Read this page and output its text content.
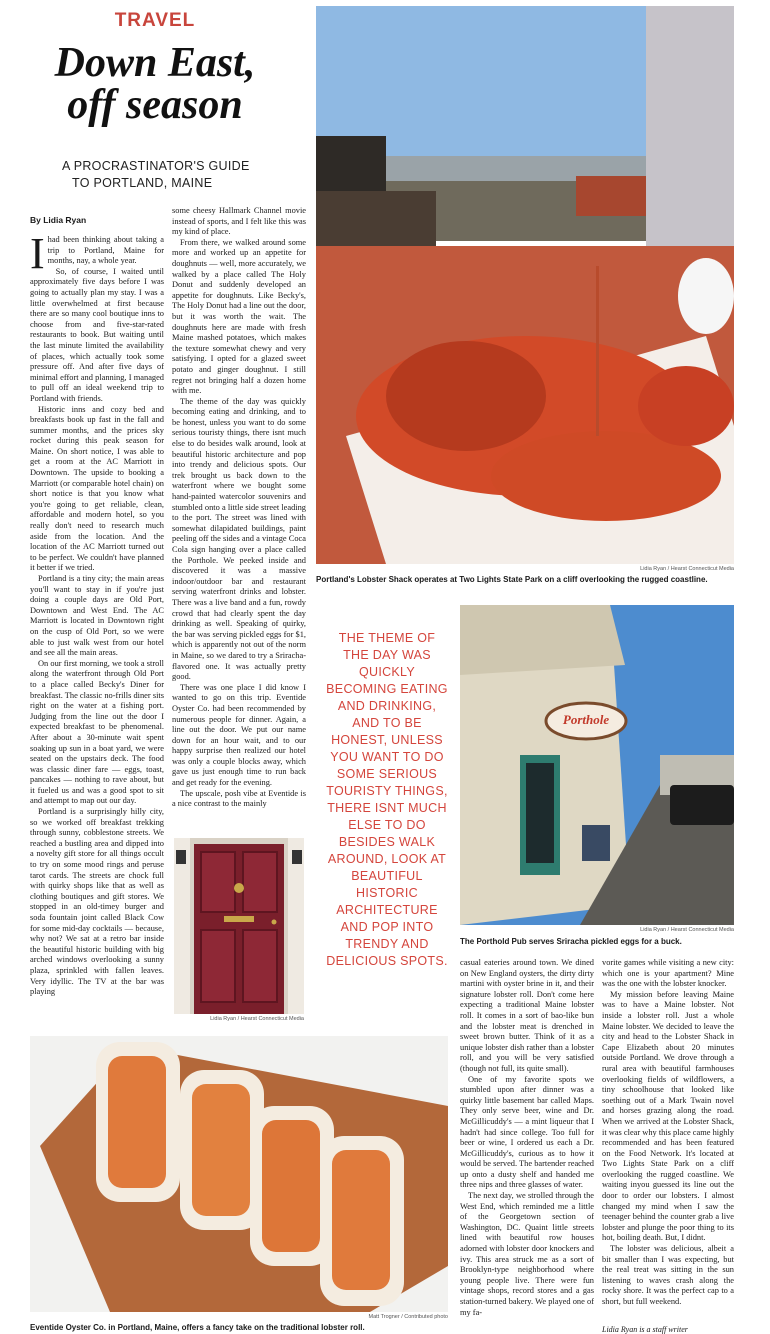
TRAVEL
Down East,
off season
A PROCRASTINATOR'S GUIDE
TO PORTLAND, MAINE
By Lidia Ryan

Ihad been thinking about taking a trip to Portland, Maine for months, nay, a whole year.

So, of course, I waited until approximately five days before I was going to actually plan my stay. I was a little overwhelmed at first because there are so many cool boutique inns to choose from and five-star-rated restaurants to book. But waiting until the last minute limited the availability of places, which actually took some pressure off. And after five days of minimal effort and planning, I managed to pull off an ideal weekend trip to Portland with friends.

Historic inns and cozy bed and breakfasts book up fast in the fall and summer months, and the prices sky rocket during this peak season for Maine. On short notice, I was able to get a room at the AC Marriott in Downtown. The upside to booking a Marriott (or comparable hotel chain) on short notice is that you know what you're going to get reliable, clean, affordable and modern hotel, so you really don't need to research much aside from the location. And the location of the AC Marriott turned out to be perfect. We couldn't have planned it better if we tried.

Portland is a tiny city; the main areas you'll want to stay in if you're just doing a couple days are Old Port, Downtown and West End. The AC Marriott is located in Downtown right on the cusp of Old Port, so we were able to just walk west from our hotel and see all the main areas.

On our first morning, we took a stroll along the waterfront through Old Port to a place called Becky's Diner for breakfast. The classic no-frills diner sits right on the water at a fishing port. Judging from the line out the door I expected breakfast to be phenomenal. After about a 30-minute wait spent soaking up sun in a boat yard, we were seated on the upstairs deck. The food was classic diner fare — eggs, toast, pancakes — nothing to rave about, but it fueled us and was a good spot to sit and attempt to map out our day.

Portland is a surprisingly hilly city, so we worked off breakfast trekking through sunny, cobblestone streets. We reached a bustling area and dipped into a novelty gift store for all things occult to try on some mood rings and peruse tarot cards. The streets are chock full with quirky shops like that as well as clothing boutiques and gift stores. We stopped in an old-timey burger and soda fountain joint called Black Cow for some mid-day cocktails — because, why not? We sat at a retro bar inside the beautiful historic building with big arched windows overlooking a sunny plaza, sprinkled with fallen leaves. Very idyllic. The TV at the bar was playing

some cheesy Hallmark Channel movie instead of sports, and I felt like this was my kind of place.

From there, we walked around some more and worked up an appetite for doughnuts — well, more accurately, we walked by a place called The Holy Donut and suddenly developed an appetite for doughnuts. Like Becky's, The Holy Donut had a line out the door, but it was worth the wait. The doughnuts here are made with fresh Maine mashed potatoes, which makes the texture somewhat chewy and very satisfying. I opted for a glazed sweet potato and ginger doughnut. I still regret not bringing half a dozen home with me.

The theme of the day was quickly becoming eating and drinking, and to be honest, unless you want to do some serious touristy things, there isnt much else to do besides walk around, look at beautiful historic architecture and pop into trendy and delicious spots. Our trek brought us back down to the waterfront where we bought some hand-painted watercolor souvenirs and stumbled onto a little side street leading to the port. The street was lined with somewhat dilapidated buildings, paint peeling off the sides and a vintage Coca Cola sign hanging over a place called the Porthole. We peeked inside and discovered it was a massive indoor/outdoor bar and restaurant serving waterfront drinks and lobster. There was a live band and a fun, rowdy crowd that had clearly spent the day drinking as well. Speaking of quirky, the bar was serving pickled eggs for $1, which is apparently not out of the norm in Maine, so we dared to try a Sriracha-flavored one. It was actually pretty good.

There was one place I did know I wanted to go on this trip. Eventide Oyster Co. had been recommended by numerous people for dinner. Again, a line out the door. We put our name down for an hour wait, and to our happy surprise then realized our hotel was only a couple blocks away, which gave us just enough time to run back and get ready for the evening.

The upscale, posh vibe at Eventide is a nice contrast to the mainly

Lidia Ryan / Hearst Connecticut Media
Lidia Ryan / Hearst Connecticut Media
Portland's Lobster Shack operates at Two Lights State Park on a cliff overlooking the rugged coastline.
THE THEME OF THE DAY WAS QUICKLY BECOMING EATING AND DRINKING, AND TO BE HONEST, UNLESS YOU WANT TO DO SOME SERIOUS TOURISTY THINGS, THERE ISNT MUCH ELSE TO DO BESIDES WALK AROUND, LOOK AT BEAUTIFUL HISTORIC ARCHITECTURE AND POP INTO TRENDY AND DELICIOUS SPOTS.
Porthole
Lidia Ryan / Hearst Connecticut Media
The Porthold Pub serves Sriracha pickled eggs for a buck.

casual eateries around town. We dined on New England oysters, the dirty dirty martini with oyster brine in it, and their signature lobster roll. Don't come here expecting a traditional Maine lobster roll. It comes in a sort of bao-like bun and the lobster meat is drenched in sweet brown butter. Think of it as a unique lobster dish rather than a lobster roll, and you will be very satisfied (though not full, its quite small).

One of my favorite spots we stumbled upon after dinner was a quirky little basement bar called Maps. They only serve beer, wine and Dr. McGillicuddy's — a mint liqueur that I hadn't had since college. Too full for beer or wine, I ordered us each a Dr. McGillicuddy's, curious as to how it would be served. The bartender reached up onto a dusty shelf and handed me three nips and three glasses of water.

The next day, we strolled through the West End, which reminded me a little of the Georgetown section of Washington, DC. Quaint little streets lined with beautiful row houses adorned with lobster door knockers and ivy. This area struck me as a sort of Brooklyn-type neighborhood where young people live. There were fun vintage shops, record stores and a gas station-turned bakery. We played one of my fa-

vorite games while visiting a new city: which one is your apartment? Mine was the one with the lobster knocker.

My mission before leaving Maine was to have a Maine lobster. Not inside a lobster roll. Just a whole Maine lobster. We decided to leave the city and head to the Lobster Shack in Cape Elizabeth about 20 minutes outside Portland. We drove through a rural area with beautiful farmhouses overlooking fields of wildflowers, a tiny schoolhouse that looked like soething out of a Mark Twain novel and horses grazing along the road. When we arrived at the Lobster Shack, it was clear why this place came highly recommended and has been featured on the Food Network. It's located at Two Lights State Park on a cliff overlooking the rugged coastline. We waiting inyou guessed its line out the door to order our lobsters. I almost changed my mind when I saw the teenager behind the counter grab a live lobster and plunge the poor thing to its hot, boiling death. But, I didnt.

The lobster was delicious, albeit a bit smaller than I was expecting, but the real treat was sitting in the sun listening to waves crash along the rocky shore. It was the perfect cap to a short, but full weekend.

Lidia Ryan is a staff writer
Matt Trogner / Contributed photo
Eventide Oyster Co. in Portland, Maine, offers a fancy take on the traditional lobster roll.
